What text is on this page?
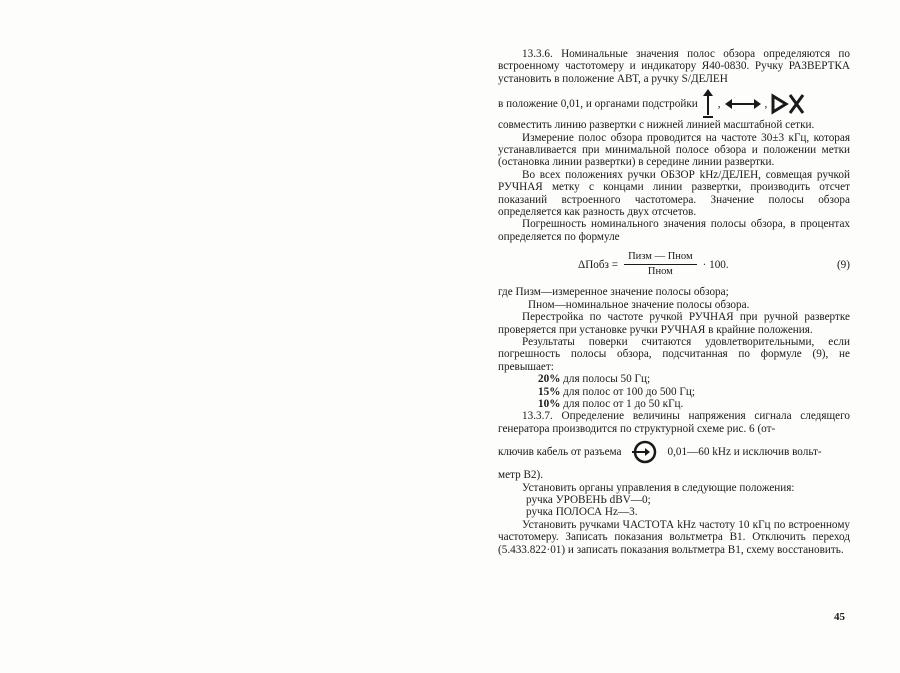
13.3.6. Номинальные значения полос обзора определяются по встроенному частотомеру и индикатору Я40-0830. Ручку РАЗВЕРТКА установить в положение АВТ, а ручку S/ДЕЛЕН

в положение 0,01, и органами подстройки ,	,

совместить линию развертки с нижней линией масштабной сетки.

Измерение полос обзора проводится на частоте 30±3 кГц, которая устанавливается при минимальной полосе обзора и положении метки (остановка линии развертки) в середине линии развертки.

Во всех положениях ручки ОБЗОР kHz/ДЕЛЕН, совмещая ручкой РУЧНАЯ метку с концами линии развертки, производить отсчет показаний встроенного частотомера. Значение полосы обзора определяется как разность двух отсчетов.

Погрешность номинального значения полосы обзора, в процентах определяется по формуле

ΔПобз = $\frac{\text{Пизм — Пном}}{\text{Пном}} \cdot 100$.	(9)

где Пизм—измеренное значение полосы обзора;

Пном—номинальное значение полосы обзора.

Перестройка по частоте ручкой РУЧНАЯ при ручной развертке проверяется при установке ручки РУЧНАЯ в крайние положения.

Результаты поверки считаются удовлетворительными, если погрешность полосы обзора, подсчитанная по формуле (9), не превышает:

20% для полосы 50 Гц;
15% для полос от 100 до 500 Гц;
10% для полос от 1 до 50 кГц.

13.3.7. Определение величины напряжения сигнала следящего генератора производится по структурной схеме рис. 6 (от-

ключив кабель от разъема	0,01—60 kHz и исключив вольт-

метр В2).

Установить органы управления в следующие положения:

ручка УРОВЕНЬ dBV—0;

ручка ПОЛОСА Hz—3.

Установить ручками ЧАСТОТА kHz частоту 10 кГц по встроенному частотомеру. Записать показания вольтметра В1. Отключить переход (5.433.822·01) и записать показания вольтметра В1, схему восстановить.

45
